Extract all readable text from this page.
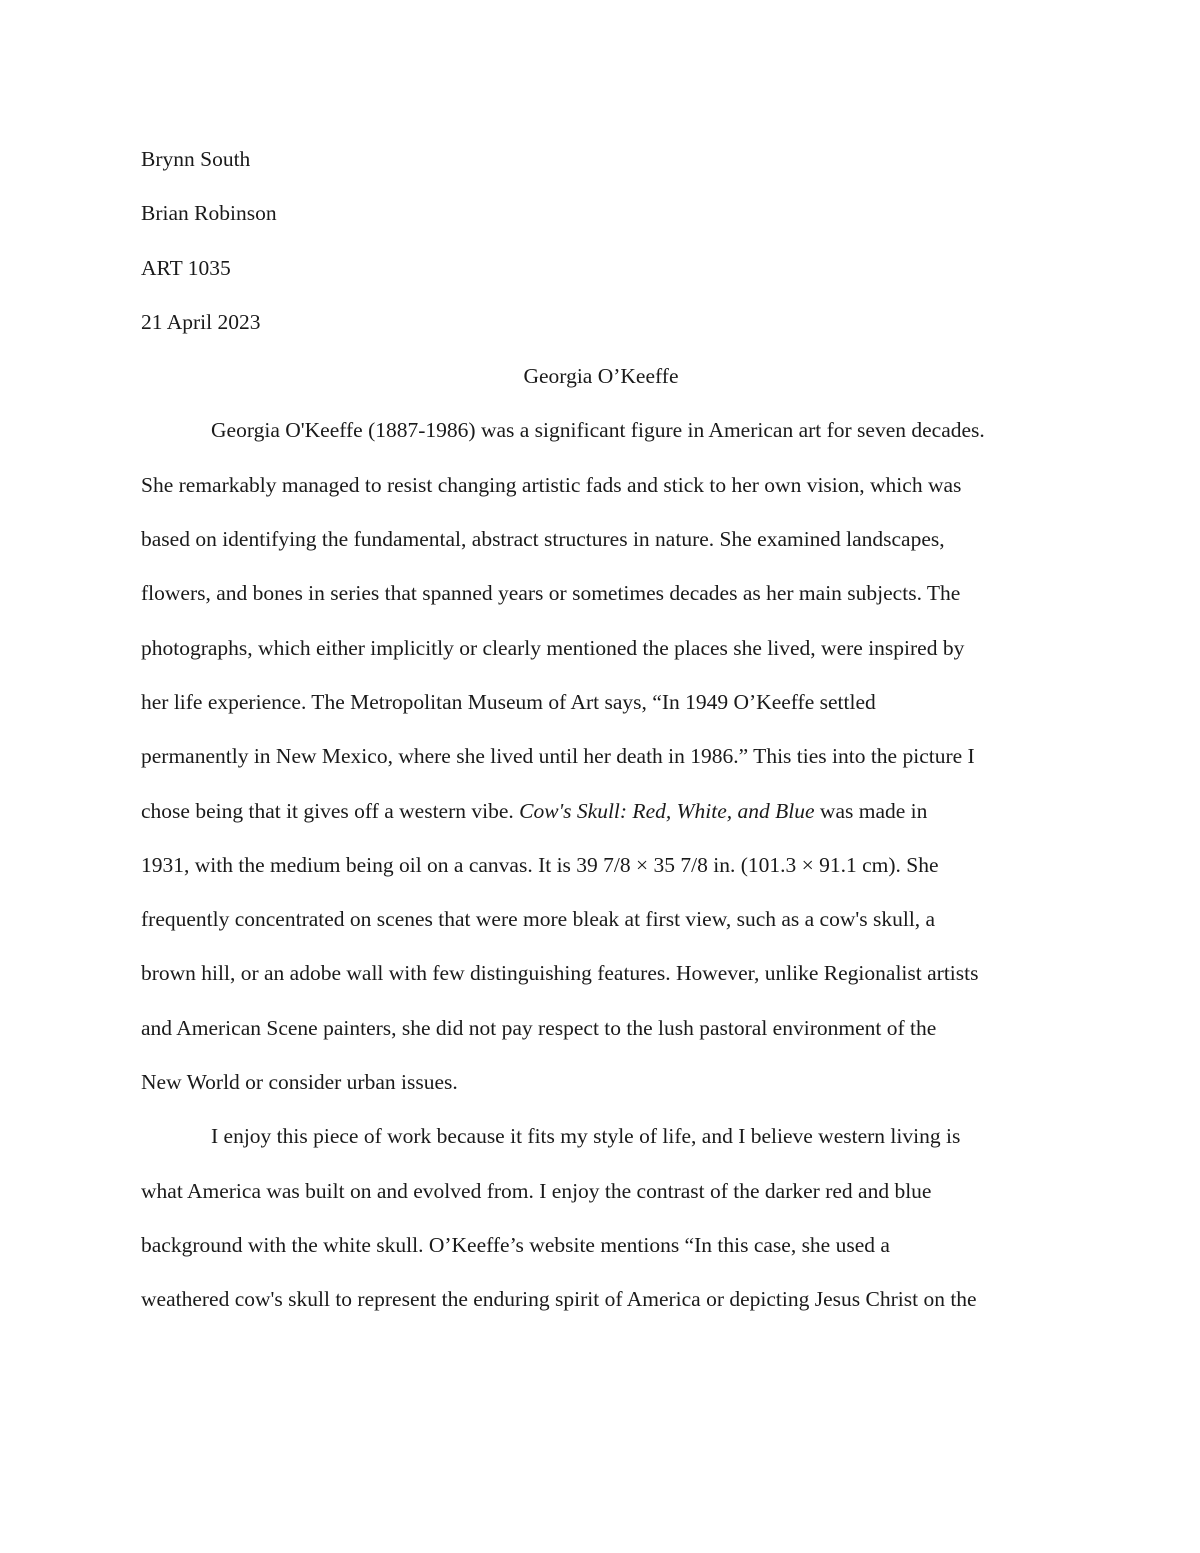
Brynn South
Brian Robinson
ART 1035
21 April 2023
Georgia O’Keeffe
Georgia O'Keeffe (1887-1986) was a significant figure in American art for seven decades.
She remarkably managed to resist changing artistic fads and stick to her own vision, which was
based on identifying the fundamental, abstract structures in nature. She examined landscapes,
flowers, and bones in series that spanned years or sometimes decades as her main subjects. The
photographs, which either implicitly or clearly mentioned the places she lived, were inspired by
her life experience. The Metropolitan Museum of Art says, “In 1949 O’Keeffe settled
permanently in New Mexico, where she lived until her death in 1986.” This ties into the picture I
chose being that it gives off a western vibe. Cow's Skull: Red, White, and Blue was made in
1931, with the medium being oil on a canvas. It is 39 7/8 × 35 7/8 in. (101.3 × 91.1 cm). She
frequently concentrated on scenes that were more bleak at first view, such as a cow's skull, a
brown hill, or an adobe wall with few distinguishing features. However, unlike Regionalist artists
and American Scene painters, she did not pay respect to the lush pastoral environment of the
New World or consider urban issues.
I enjoy this piece of work because it fits my style of life, and I believe western living is
what America was built on and evolved from. I enjoy the contrast of the darker red and blue
background with the white skull. O’Keeffe’s website mentions “In this case, she used a
weathered cow's skull to represent the enduring spirit of America or depicting Jesus Christ on the
